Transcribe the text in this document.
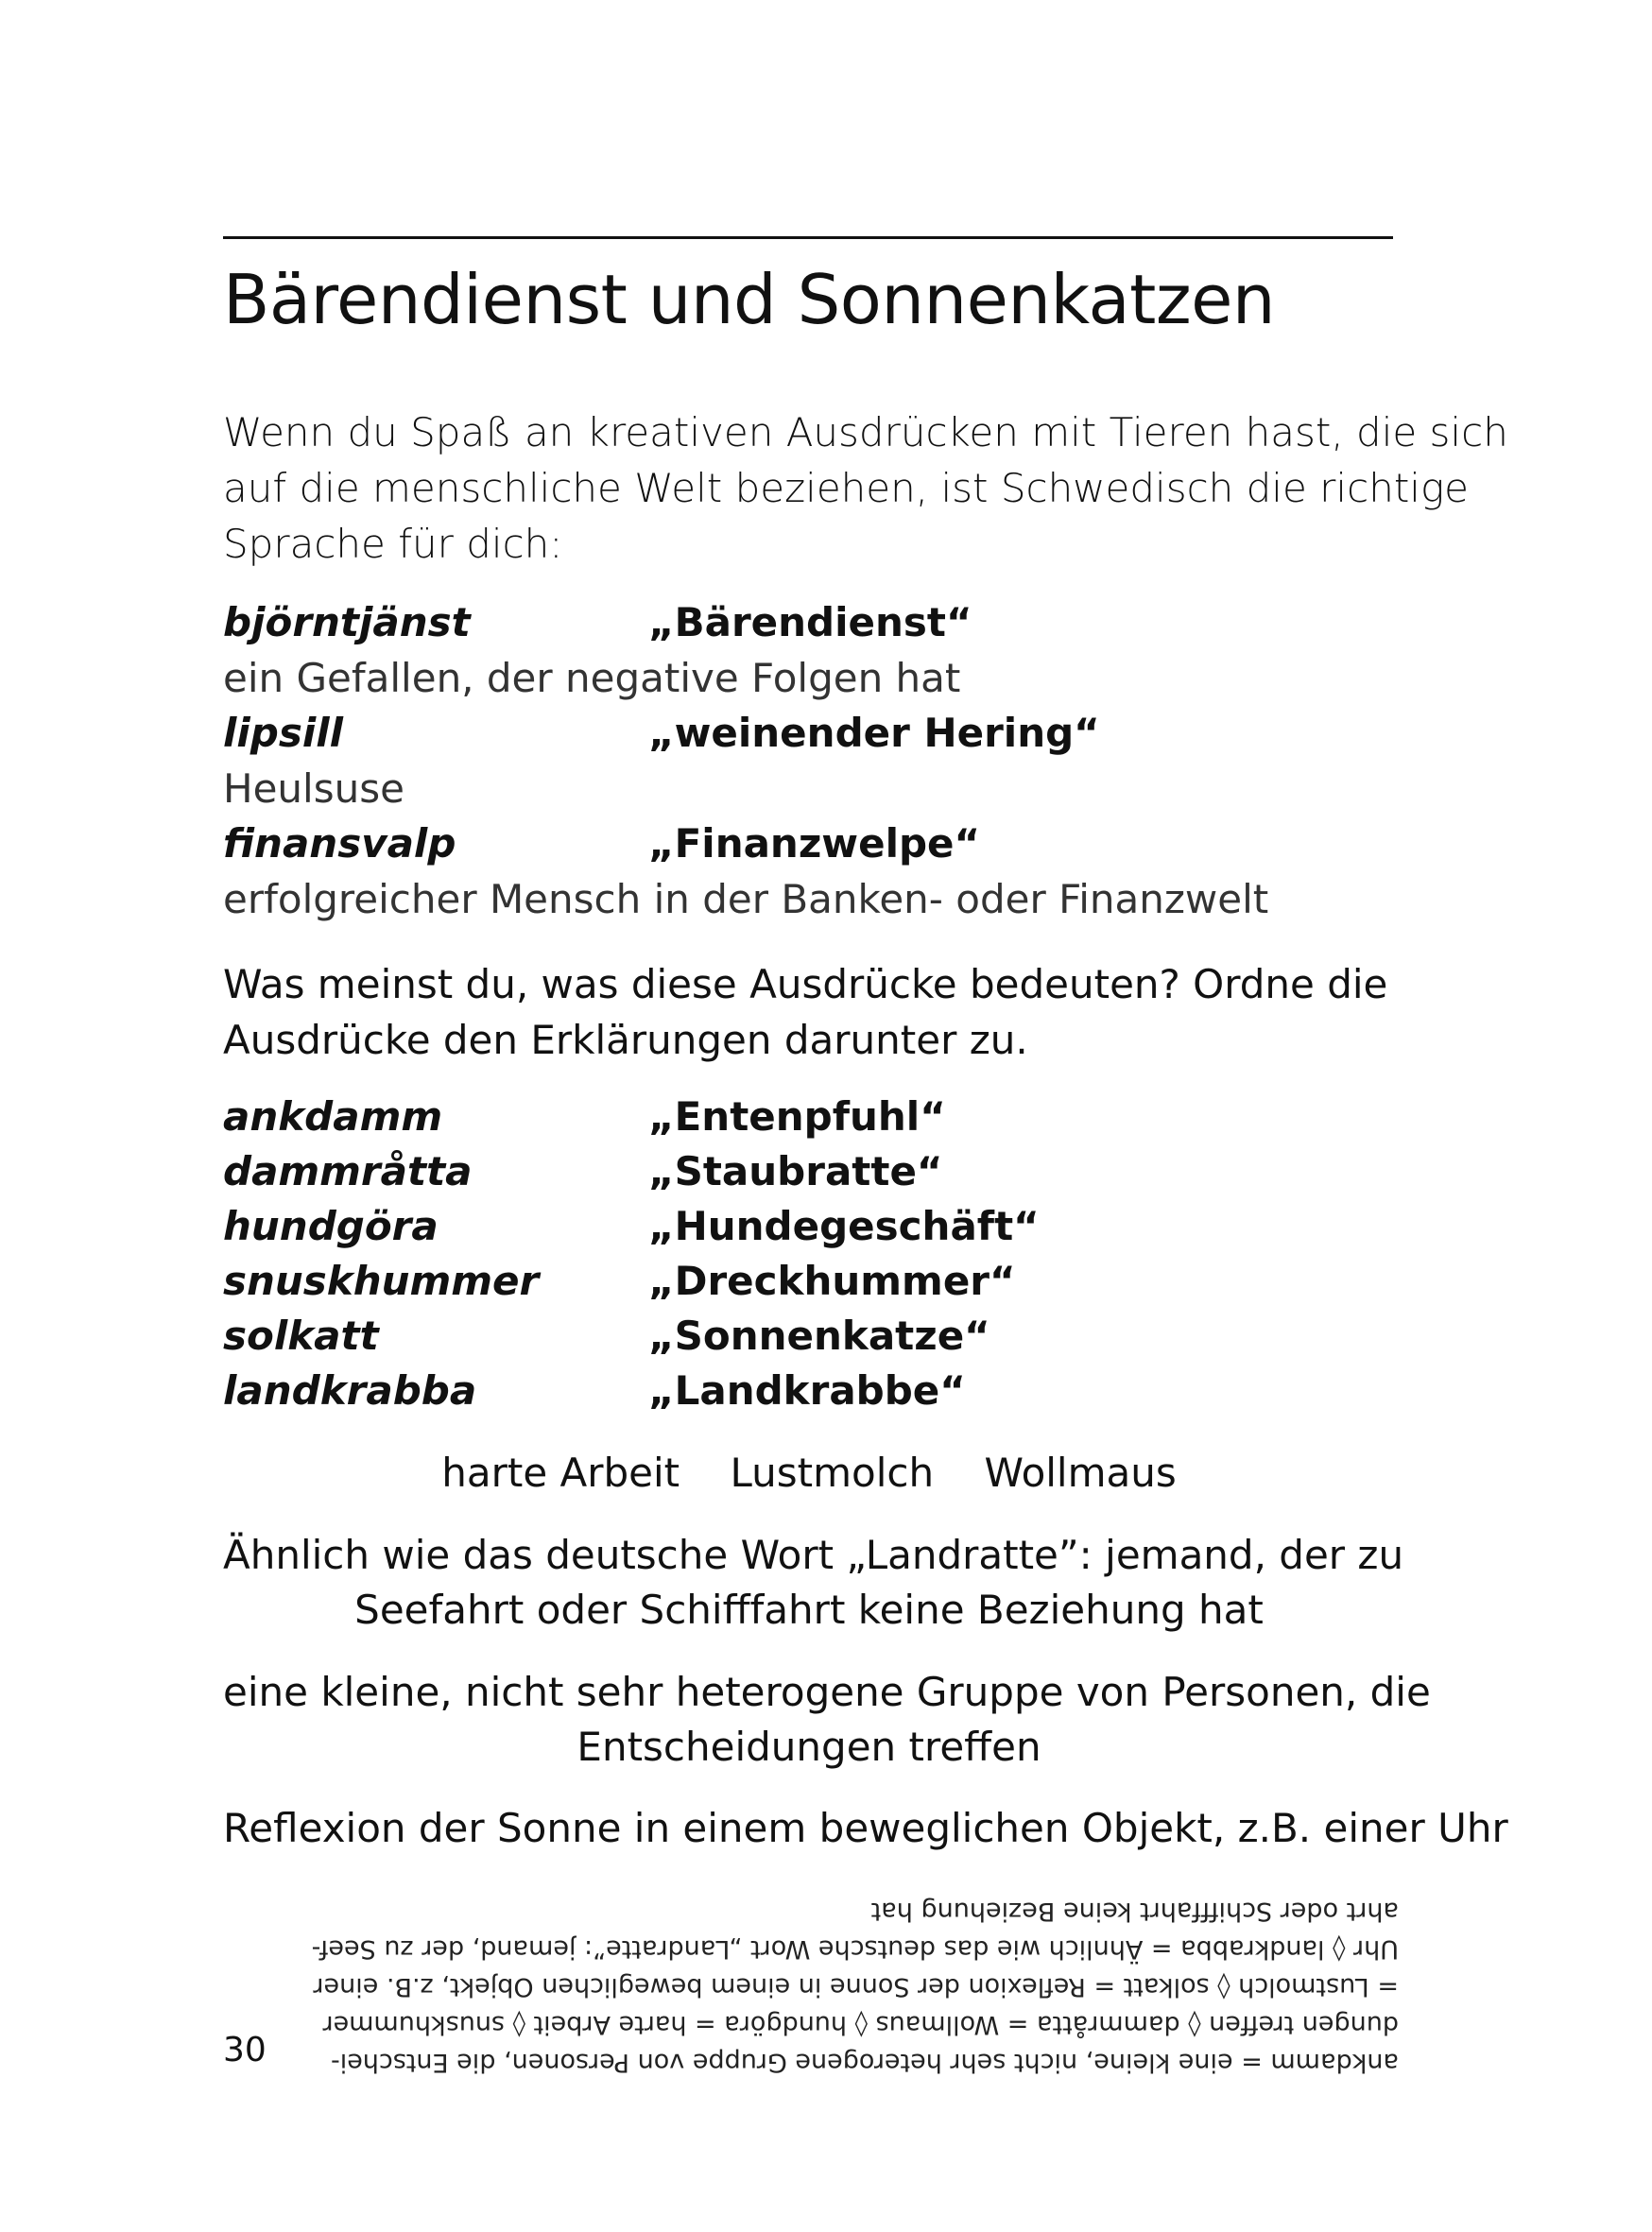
Bärendienst und Sonnenkatzen
Wenn du Spaß an kreativen Ausdrücken mit Tieren hast, die sich
auf die menschliche Welt beziehen, ist Schwedisch die richtige
Sprache für dich:
björntjänst	„Bärendienst“
ein Gefallen, der negative Folgen hat
lipsill	„weinender Hering“
Heulsuse
finansvalp	„Finanzwelpe“
erfolgreicher Mensch in der Banken- oder Finanzwelt
Was meinst du, was diese Ausdrücke bedeuten? Ordne die
Ausdrücke den Erklärungen darunter zu.
ankdamm	„Entenpfuhl“
dammråtta	„Staubratte“
hundgöra	„Hundegeschäft“
snuskhummer	„Dreckhummer“
solkatt	„Sonnenkatze“
landkrabba	„Landkrabbe“
harte Arbeit Lustmolch Wollmaus
Ähnlich wie das deutsche Wort „Landratte”: jemand, der zu
Seefahrt oder Schifffahrt keine Beziehung hat
eine kleine, nicht sehr heterogene Gruppe von Personen, die
Entscheidungen treffen
Reflexion der Sonne in einem beweglichen Objekt, z.B. einer Uhr
ankdamm = eine kleine, nicht sehr heterogene Gruppe von Personen, die Entschei-
dungen treffen ◊ dammråtta = Wollmaus ◊ hundgöra = harte Arbeit ◊ snuskhummer
= Lustmolch ◊ solkatt = Reflexion der Sonne in einem beweglichen Objekt, z.B. einer
Uhr ◊ landkrabba = Ähnlich wie das deutsche Wort „Landratte”: jemand, der zu Seef-
ahrt oder Schifffahrt keine Beziehung hat
30
